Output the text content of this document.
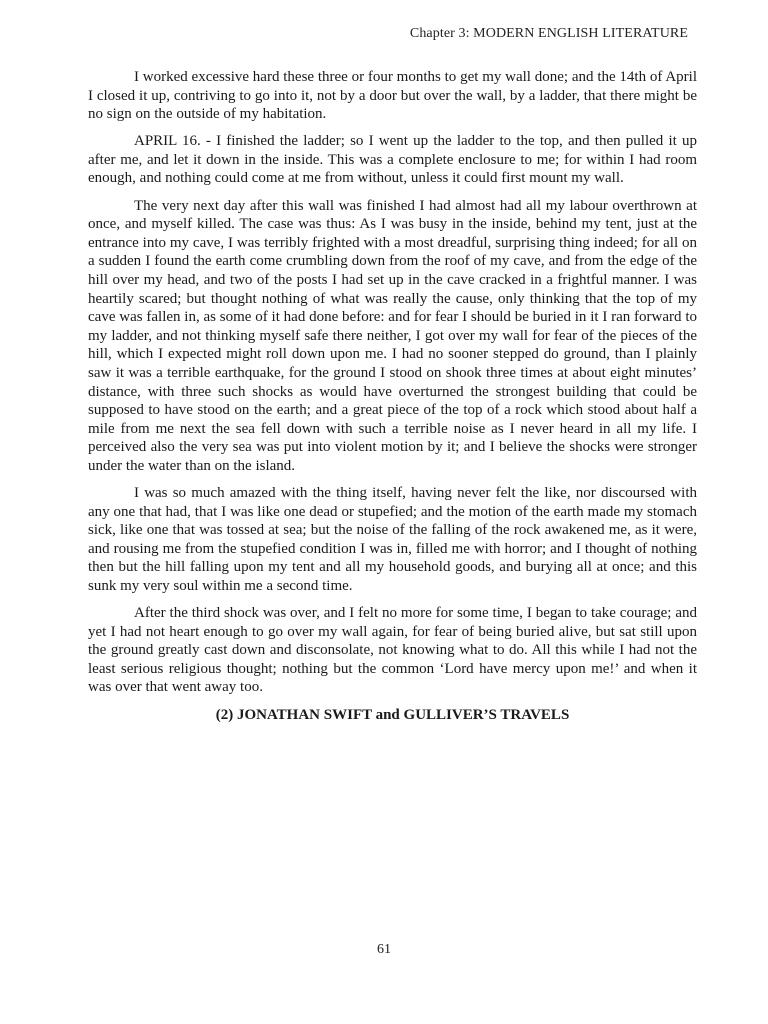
Chapter 3: MODERN ENGLISH LITERATURE

I worked excessive hard these three or four months to get my wall done; and the 14th of April I closed it up, contriving to go into it, not by a door but over the wall, by a ladder, that there might be no sign on the outside of my habitation.

APRIL 16. - I finished the ladder; so I went up the ladder to the top, and then pulled it up after me, and let it down in the inside. This was a complete enclosure to me; for within I had room enough, and nothing could come at me from without, unless it could first mount my wall.

The very next day after this wall was finished I had almost had all my labour overthrown at once, and myself killed. The case was thus: As I was busy in the inside, behind my tent, just at the entrance into my cave, I was terribly frighted with a most dreadful, surprising thing indeed; for all on a sudden I found the earth come crumbling down from the roof of my cave, and from the edge of the hill over my head, and two of the posts I had set up in the cave cracked in a frightful manner. I was heartily scared; but thought nothing of what was really the cause, only thinking that the top of my cave was fallen in, as some of it had done before: and for fear I should be buried in it I ran forward to my ladder, and not thinking myself safe there neither, I got over my wall for fear of the pieces of the hill, which I expected might roll down upon me. I had no sooner stepped do ground, than I plainly saw it was a terrible earthquake, for the ground I stood on shook three times at about eight minutes’ distance, with three such shocks as would have overturned the strongest building that could be supposed to have stood on the earth; and a great piece of the top of a rock which stood about half a mile from me next the sea fell down with such a terrible noise as I never heard in all my life. I perceived also the very sea was put into violent motion by it; and I believe the shocks were stronger under the water than on the island.

I was so much amazed with the thing itself, having never felt the like, nor discoursed with any one that had, that I was like one dead or stupefied; and the motion of the earth made my stomach sick, like one that was tossed at sea; but the noise of the falling of the rock awakened me, as it were, and rousing me from the stupefied condition I was in, filled me with horror; and I thought of nothing then but the hill falling upon my tent and all my household goods, and burying all at once; and this sunk my very soul within me a second time.

After the third shock was over, and I felt no more for some time, I began to take courage; and yet I had not heart enough to go over my wall again, for fear of being buried alive, but sat still upon the ground greatly cast down and disconsolate, not knowing what to do. All this while I had not the least serious religious thought; nothing but the common ‘Lord have mercy upon me!’ and when it was over that went away too.

(2) JONATHAN SWIFT and GULLIVER’S TRAVELS
61
